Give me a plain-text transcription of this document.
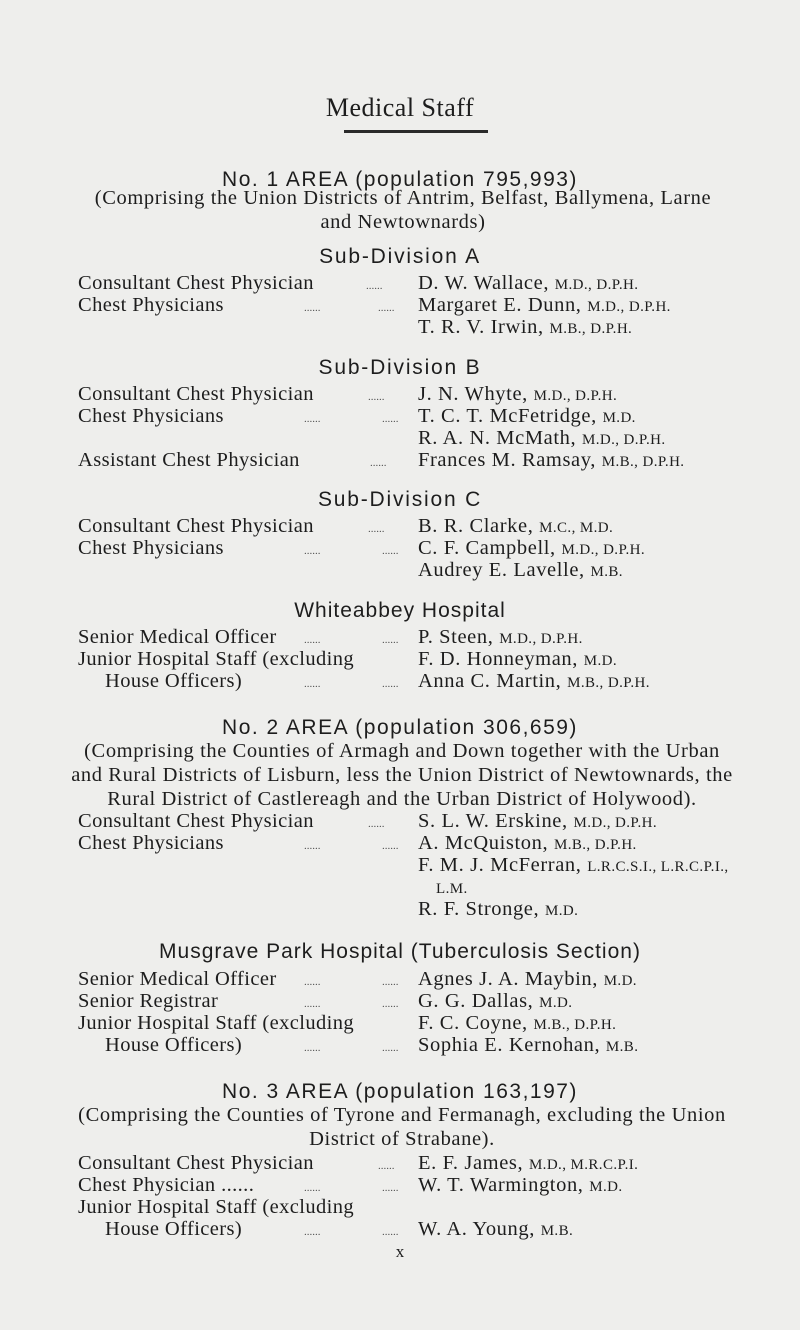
Medical Staff
No. 1 AREA (population 795,993)
(Comprising the Union Districts of Antrim, Belfast, Ballymena, Larne and Newtownards)
Sub-Division A
Consultant Chest Physician	...... D. W. Wallace, M.D., D.P.H.
Chest Physicians	......	...... Margaret E. Dunn, M.D., D.P.H.
T. R. V. Irwin, M.B., D.P.H.
Sub-Division B
Consultant Chest Physician	...... J. N. Whyte, M.D., D.P.H.
Chest Physicians	......	...... T. C. T. McFetridge, M.D.
R. A. N. McMath, M.D., D.P.H.
Assistant Chest Physician	...... Frances M. Ramsay, M.B., D.P.H.
Sub-Division C
Consultant Chest Physician	...... B. R. Clarke, M.C., M.D.
Chest Physicians	......	...... C. F. Campbell, M.D., D.P.H.
Audrey E. Lavelle, M.B.
Whiteabbey Hospital
Senior Medical Officer ......	...... P. Steen, M.D., D.P.H.
Junior Hospital Staff (excluding	F. D. Honneyman, M.D.
House Officers)	......	...... Anna C. Martin, M.B., D.P.H.
No. 2 AREA (population 306,659)
(Comprising the Counties of Armagh and Down together with the Urban and Rural Districts of Lisburn, less the Union District of Newtownards, the Rural District of Castlereagh and the Urban District of Holywood).
Consultant Chest Physician	...... S. L. W. Erskine, M.D., D.P.H.
Chest Physicians	......	...... A. McQuiston, M.B., D.P.H.
F. M. J. McFerran, L.R.C.S.I., L.R.C.P.I.,
L.M.
R. F. Stronge, M.D.
Musgrave Park Hospital (Tuberculosis Section)
Senior Medical Officer ......	...... Agnes J. A. Maybin, M.D.
Senior Registrar	......	...... G. G. Dallas, M.D.
Junior Hospital Staff (excluding	F. C. Coyne, M.B., D.P.H.
House Officers)	......	...... Sophia E. Kernohan, M.B.
No. 3 AREA (population 163,197)
(Comprising the Counties of Tyrone and Fermanagh, excluding the Union District of Strabane).
Consultant Chest Physician	...... E. F. James, M.D., M.R.C.P.I.
Chest Physician ......	......	...... W. T. Warmington, M.D.
Junior Hospital Staff (excluding
House Officers)	......	...... W. A. Young, M.B.
x
